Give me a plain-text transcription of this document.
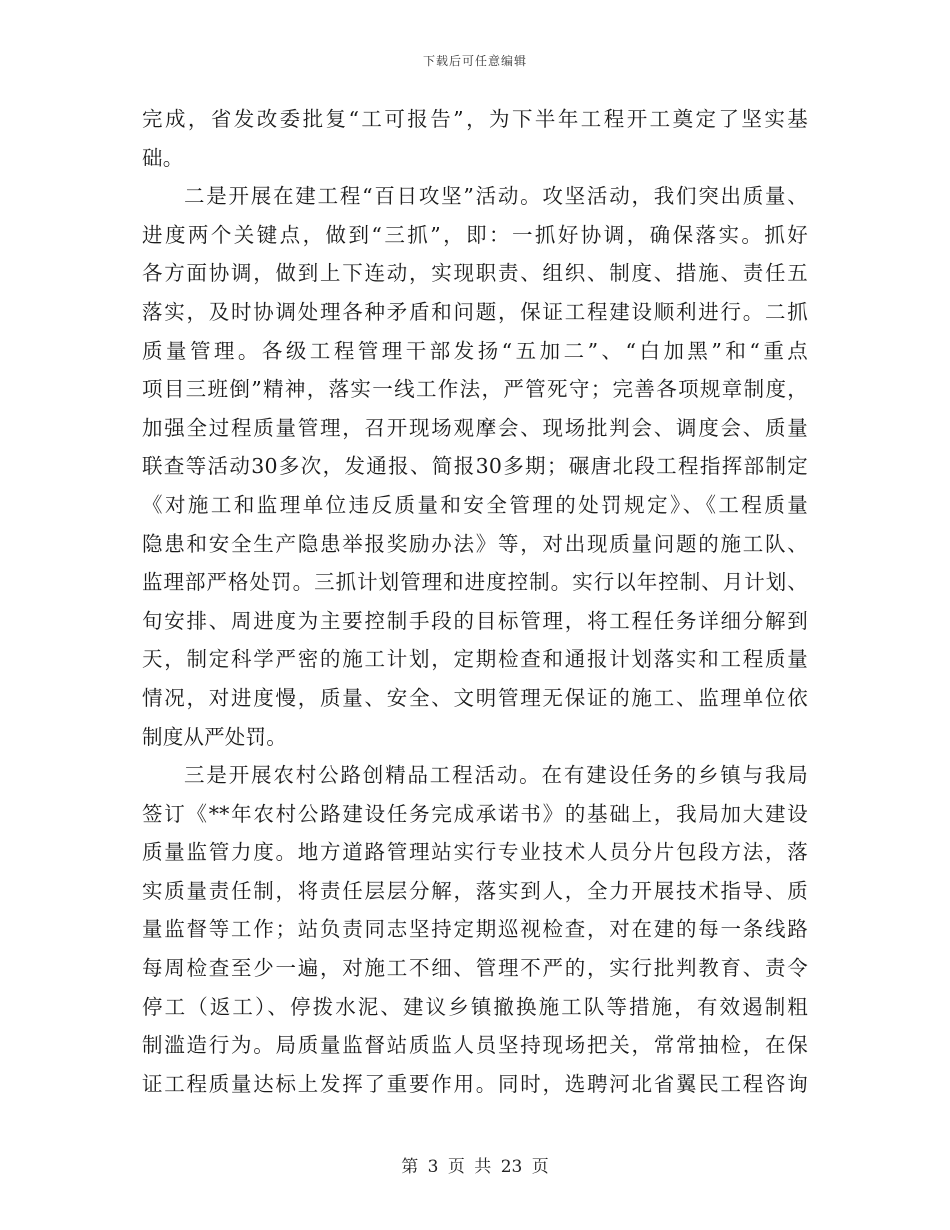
下载后可任意编辑
完成，省发改委批复“工可报告”，为下半年工程开工奠定了坚实基
础。
二是开展在建工程“百日攻坚”活动。攻坚活动，我们突出质量、
进度两个关键点，做到“三抓”，即：一抓好协调，确保落实。抓好
各方面协调，做到上下连动，实现职责、组织、制度、措施、责任五
落实，及时协调处理各种矛盾和问题，保证工程建设顺利进行。二抓
质量管理。各级工程管理干部发扬“五加二”、“白加黑”和“重点
项目三班倒”精神，落实一线工作法，严管死守；完善各项规章制度，
加强全过程质量管理，召开现场观摩会、现场批判会、调度会、质量
联查等活动30多次，发通报、简报30多期；碾唐北段工程指挥部制定
《对施工和监理单位违反质量和安全管理的处罚规定》、《工程质量
隐患和安全生产隐患举报奖励办法》等，对出现质量问题的施工队、
监理部严格处罚。三抓计划管理和进度控制。实行以年控制、月计划、
旬安排、周进度为主要控制手段的目标管理，将工程任务详细分解到
天，制定科学严密的施工计划，定期检查和通报计划落实和工程质量
情况，对进度慢，质量、安全、文明管理无保证的施工、监理单位依
制度从严处罚。
三是开展农村公路创精品工程活动。在有建设任务的乡镇与我局
签订《**年农村公路建设任务完成承诺书》的基础上，我局加大建设
质量监管力度。地方道路管理站实行专业技术人员分片包段方法，落
实质量责任制，将责任层层分解，落实到人，全力开展技术指导、质
量监督等工作；站负责同志坚持定期巡视检查，对在建的每一条线路
每周检查至少一遍，对施工不细、管理不严的，实行批判教育、责令
停工（返工）、停拨水泥、建议乡镇撤换施工队等措施，有效遏制粗
制滥造行为。局质量监督站质监人员坚持现场把关，常常抽检，在保
证工程质量达标上发挥了重要作用。同时，选聘河北省翼民工程咨询
第 3 页 共 23 页
